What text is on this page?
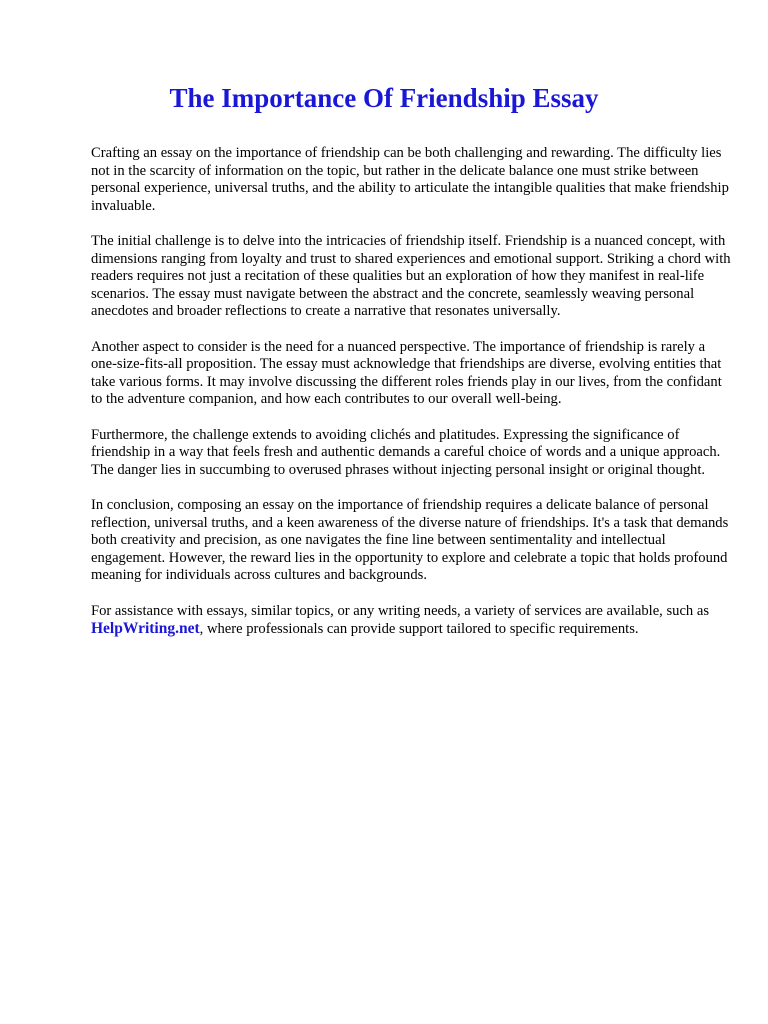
The Importance Of Friendship Essay

Crafting an essay on the importance of friendship can be both challenging and rewarding. The difficulty lies not in the scarcity of information on the topic, but rather in the delicate balance one must strike between personal experience, universal truths, and the ability to articulate the intangible qualities that make friendship invaluable.

The initial challenge is to delve into the intricacies of friendship itself. Friendship is a nuanced concept, with dimensions ranging from loyalty and trust to shared experiences and emotional support. Striking a chord with readers requires not just a recitation of these qualities but an exploration of how they manifest in real-life scenarios. The essay must navigate between the abstract and the concrete, seamlessly weaving personal anecdotes and broader reflections to create a narrative that resonates universally.

Another aspect to consider is the need for a nuanced perspective. The importance of friendship is rarely a one-size-fits-all proposition. The essay must acknowledge that friendships are diverse, evolving entities that take various forms. It may involve discussing the different roles friends play in our lives, from the confidant to the adventure companion, and how each contributes to our overall well-being.

Furthermore, the challenge extends to avoiding clichés and platitudes. Expressing the significance of friendship in a way that feels fresh and authentic demands a careful choice of words and a unique approach. The danger lies in succumbing to overused phrases without injecting personal insight or original thought.

In conclusion, composing an essay on the importance of friendship requires a delicate balance of personal reflection, universal truths, and a keen awareness of the diverse nature of friendships. It's a task that demands both creativity and precision, as one navigates the fine line between sentimentality and intellectual engagement. However, the reward lies in the opportunity to explore and celebrate a topic that holds profound meaning for individuals across cultures and backgrounds.

For assistance with essays, similar topics, or any writing needs, a variety of services are available, such as HelpWriting.net, where professionals can provide support tailored to specific requirements.
